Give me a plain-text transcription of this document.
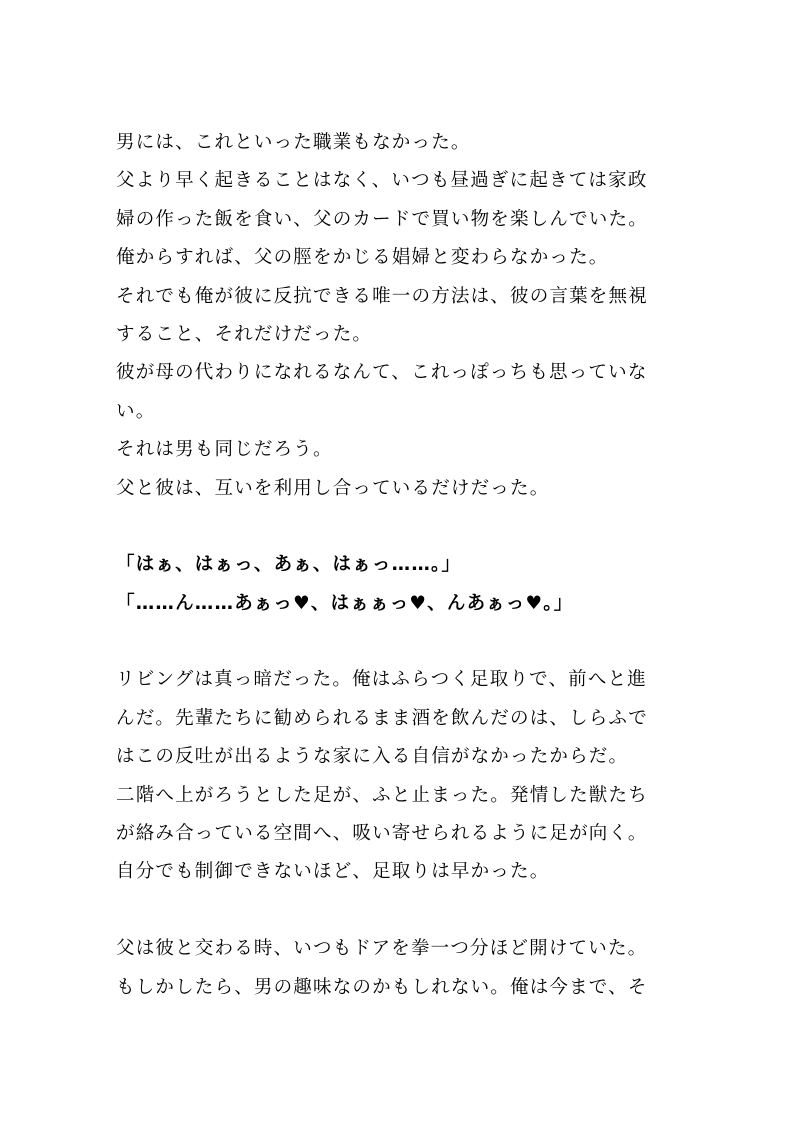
男には、これといった職業もなかった。
父より早く起きることはなく、いつも昼過ぎに起きては家政
婦の作った飯を食い、父のカードで買い物を楽しんでいた。
俺からすれば、父の脛をかじる娼婦と変わらなかった。
それでも俺が彼に反抗できる唯一の方法は、彼の言葉を無視
すること、それだけだった。
彼が母の代わりになれるなんて、これっぽっちも思っていな
い。
それは男も同じだろう。
父と彼は、互いを利用し合っているだけだった。
「はぁ、はぁっ、あぁ、はぁっ……。」
「……ん……あぁっ♥、はぁぁっ♥、んあぁっ♥。」
リビングは真っ暗だった。俺はふらつく足取りで、前へと進
んだ。先輩たちに勧められるまま酒を飲んだのは、しらふで
はこの反吐が出るような家に入る自信がなかったからだ。
二階へ上がろうとした足が、ふと止まった。発情した獣たち
が絡み合っている空間へ、吸い寄せられるように足が向く。
自分でも制御できないほど、足取りは早かった。
父は彼と交わる時、いつもドアを拳一つ分ほど開けていた。
もしかしたら、男の趣味なのかもしれない。俺は今まで、そ
